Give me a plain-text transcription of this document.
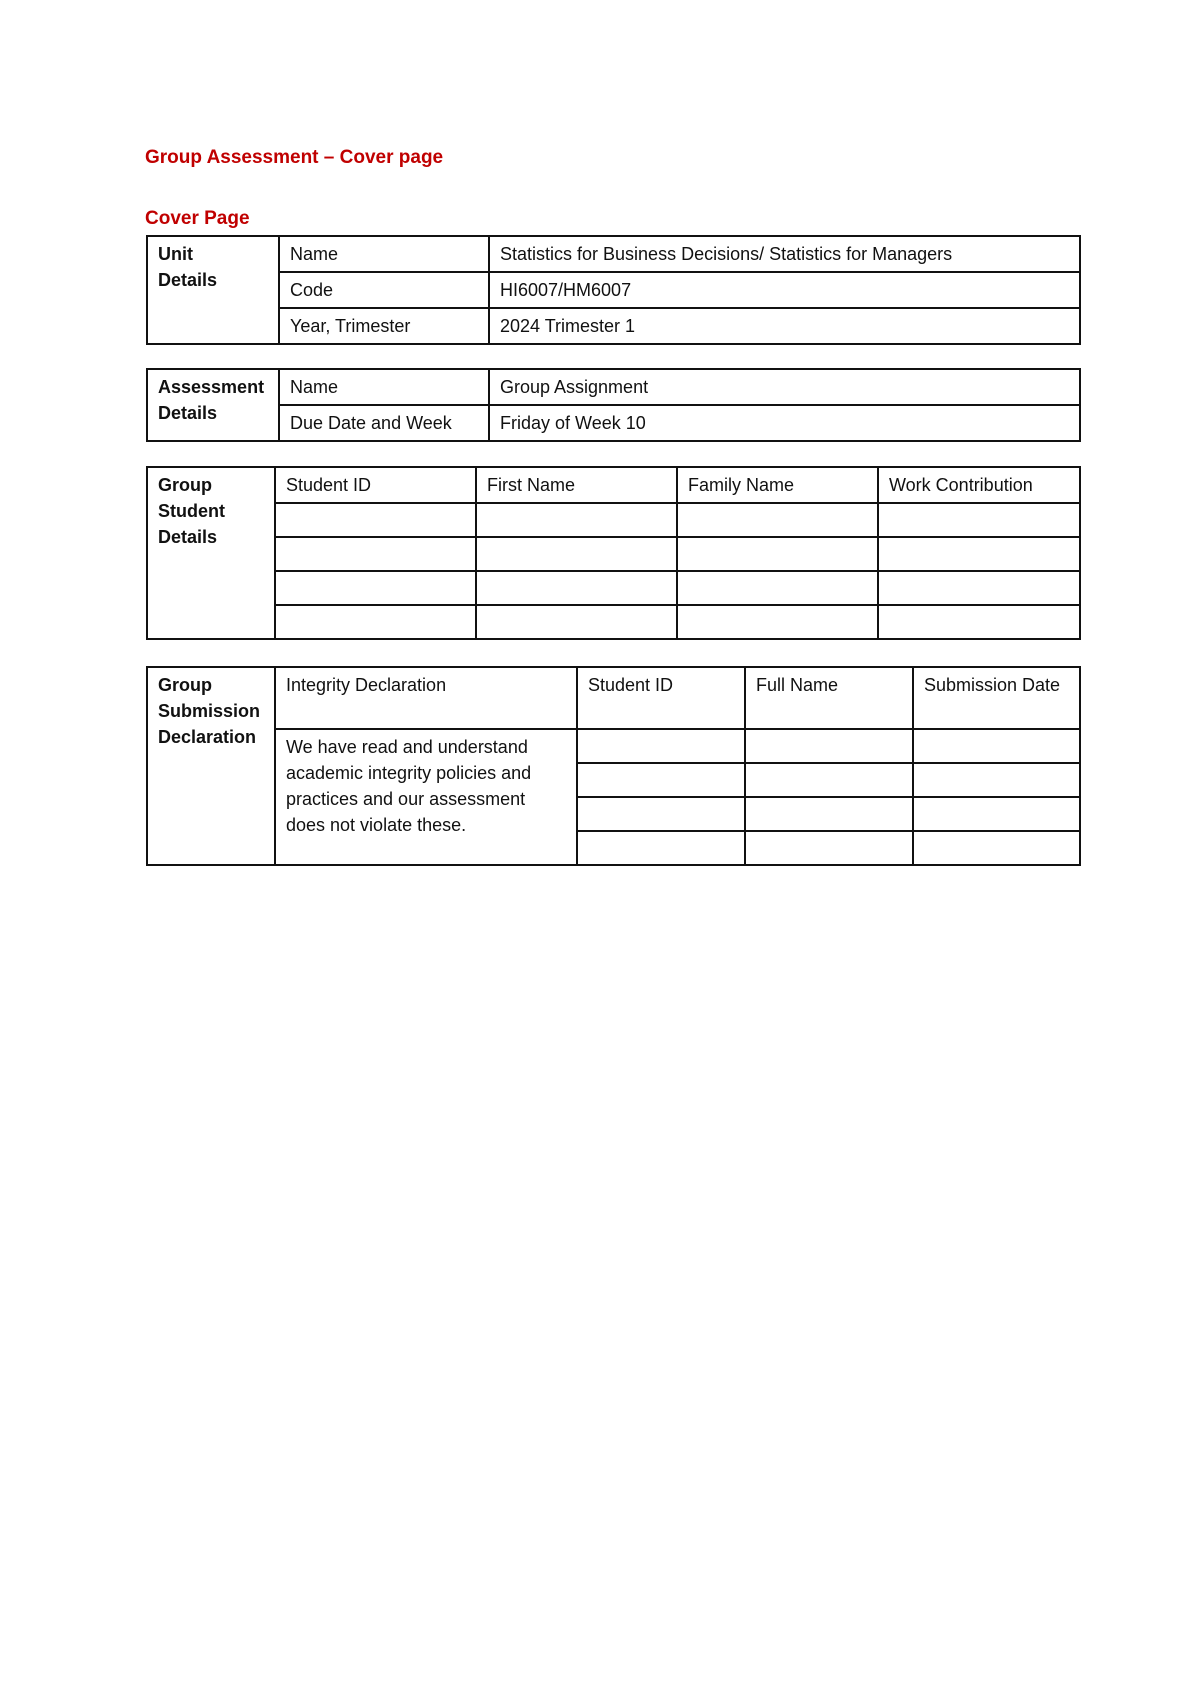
Group Assessment – Cover page
Cover Page
Unit
Details	Name	Statistics for Business Decisions/ Statistics for Managers
	Code	HI6007/HM6007
	Year, Trimester	2024 Trimester 1
Assessment
Details	Name	Group Assignment
	Due Date and Week	Friday of Week 10
Group
Student
Details	Student ID	First Name	Family Name	Work Contribution

Group
Submission
Declaration	Integrity Declaration	Student ID	Full Name	Submission Date
	We have read and understand academic integrity policies and practices and our assessment does not violate these.			
